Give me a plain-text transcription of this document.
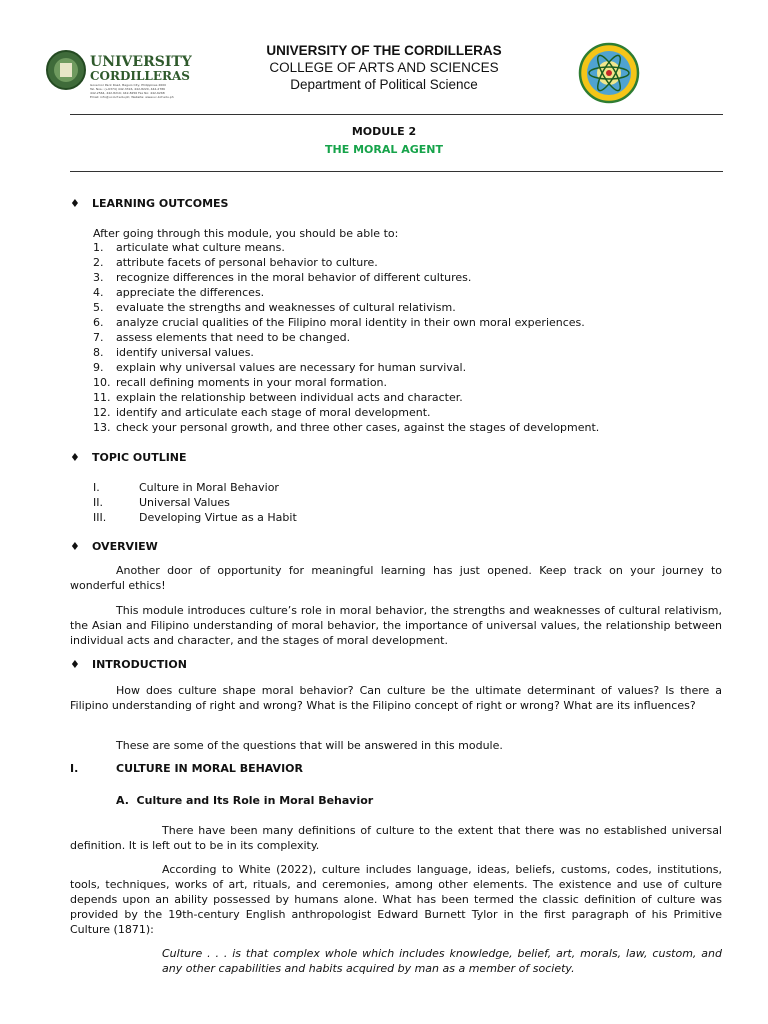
UNIVERSITY
CORDILLERAS
Governor Pack Road, Baguio City, Philippines 2600
Tel. Nos.: (+6374) 442-3316, 442-8220, 444-2786
442-2564, 442-8219; 442-8256 Fax No: 442-6268
Email: info@uc-bcf.edu.ph; Website: www.uc-bcf.edu.ph
UNIVERSITY OF THE CORDILLERAS
COLLEGE OF ARTS AND SCIENCES
Department of Political Science
MODULE 2
THE MORAL AGENT
♦ LEARNING OUTCOMES
After going through this module, you should be able to:
1. articulate what culture means.
2. attribute facets of personal behavior to culture.
3. recognize differences in the moral behavior of different cultures.
4. appreciate the differences.
5. evaluate the strengths and weaknesses of cultural relativism.
6. analyze crucial qualities of the Filipino moral identity in their own moral experiences.
7. assess elements that need to be changed.
8. identify universal values.
9. explain why universal values are necessary for human survival.
10. recall defining moments in your moral formation.
11. explain the relationship between individual acts and character.
12. identify and articulate each stage of moral development.
13. check your personal growth, and three other cases, against the stages of development.
♦ TOPIC OUTLINE
I.	Culture in Moral Behavior
II.	Universal Values
III.	Developing Virtue as a Habit
♦ OVERVIEW

Another door of opportunity for meaningful learning has just opened. Keep track on your journey to wonderful ethics!

This module introduces culture’s role in moral behavior, the strengths and weaknesses of cultural relativism, the Asian and Filipino understanding of moral behavior, the importance of universal values, the relationship between individual acts and character, and the stages of moral development.

♦ INTRODUCTION

How does culture shape moral behavior? Can culture be the ultimate determinant of values? Is there a Filipino understanding of right and wrong? What is the Filipino concept of right or wrong? What are its influences?

These are some of the questions that will be answered in this module.

I.	CULTURE IN MORAL BEHAVIOR
A.  Culture and Its Role in Moral Behavior

There have been many definitions of culture to the extent that there was no established universal definition. It is left out to be in its complexity.

According to White (2022), culture includes language, ideas, beliefs, customs, codes, institutions, tools, techniques, works of art, rituals, and ceremonies, among other elements. The existence and use of culture depends upon an ability possessed by humans alone. What has been termed the classic definition of culture was provided by the 19th-century English anthropologist Edward Burnett Tylor in the first paragraph of his Primitive Culture (1871):

Culture . . . is that complex whole which includes knowledge, belief, art, morals, law, custom, and any other capabilities and habits acquired by man as a member of society.
